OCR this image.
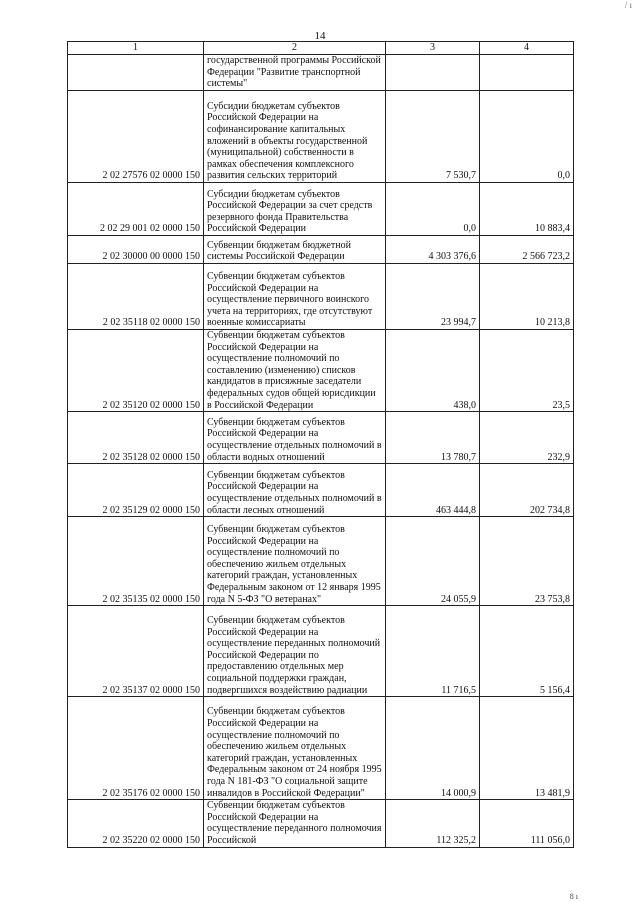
/ ı
14
1	2	3	4
	государственной программы Российской Федерации "Развитие транспортной системы"		
2 02 27576 02 0000 150	Субсидии бюджетам субъектов Российской Федерации на софинансирование капитальных вложений в объекты государственной (муниципальной) собственности в рамках обеспечения комплексного развития сельских территорий	7 530,7	0,0
2 02 29 001 02 0000 150	Субсидии бюджетам субъектов Российской Федерации за счет средств резервного фонда Правительства Российской Федерации	0,0	10 883,4
2 02 30000 00 0000 150	Субвенции бюджетам бюджетной системы Российской Федерации	4 303 376,6	2 566 723,2
2 02 35118 02 0000 150	Субвенции бюджетам субъектов Российской Федерации на осуществление первичного воинского учета на территориях, где отсутствуют военные комиссариаты	23 994,7	10 213,8
2 02 35120 02 0000 150	Субвенции бюджетам субъектов Российской Федерации на осуществление полномочий по составлению (изменению) списков кандидатов в присяжные заседатели федеральных судов общей юрисдикции в Российской Федерации	438,0	23,5
2 02 35128 02 0000 150	Субвенции бюджетам субъектов Российской Федерации на осуществление отдельных полномочий в области водных отношений	13 780,7	232,9
2 02 35129 02 0000 150	Субвенции бюджетам субъектов Российской Федерации на осуществление отдельных полномочий в области лесных отношений	463 444,8	202 734,8
2 02 35135 02 0000 150	Субвенции бюджетам субъектов Российской Федерации на осуществление полномочий по обеспечению жильем отдельных категорий граждан, установленных Федеральным законом от 12 января 1995 года N 5-ФЗ "О ветеранах"	24 055,9	23 753,8
2 02 35137 02 0000 150	Субвенции бюджетам субъектов Российской Федерации на осуществление переданных полномочий Российской Федерации по предоставлению отдельных мер социальной поддержки граждан, подвергшихся воздействию радиации	11 716,5	5 156,4
2 02 35176 02 0000 150	Субвенции бюджетам субъектов Российской Федерации на осуществление полномочий по обеспечению жильем отдельных категорий граждан, установленных Федеральным законом от 24 ноября 1995 года N 181-ФЗ "О социальной защите инвалидов в Российской Федерации"	14 000,9	13 481,9
2 02 35220 02 0000 150	Субвенции бюджетам субъектов Российской Федерации на осуществление переданного полномочия Российской	112 325,2	111 056,0
8 ı
